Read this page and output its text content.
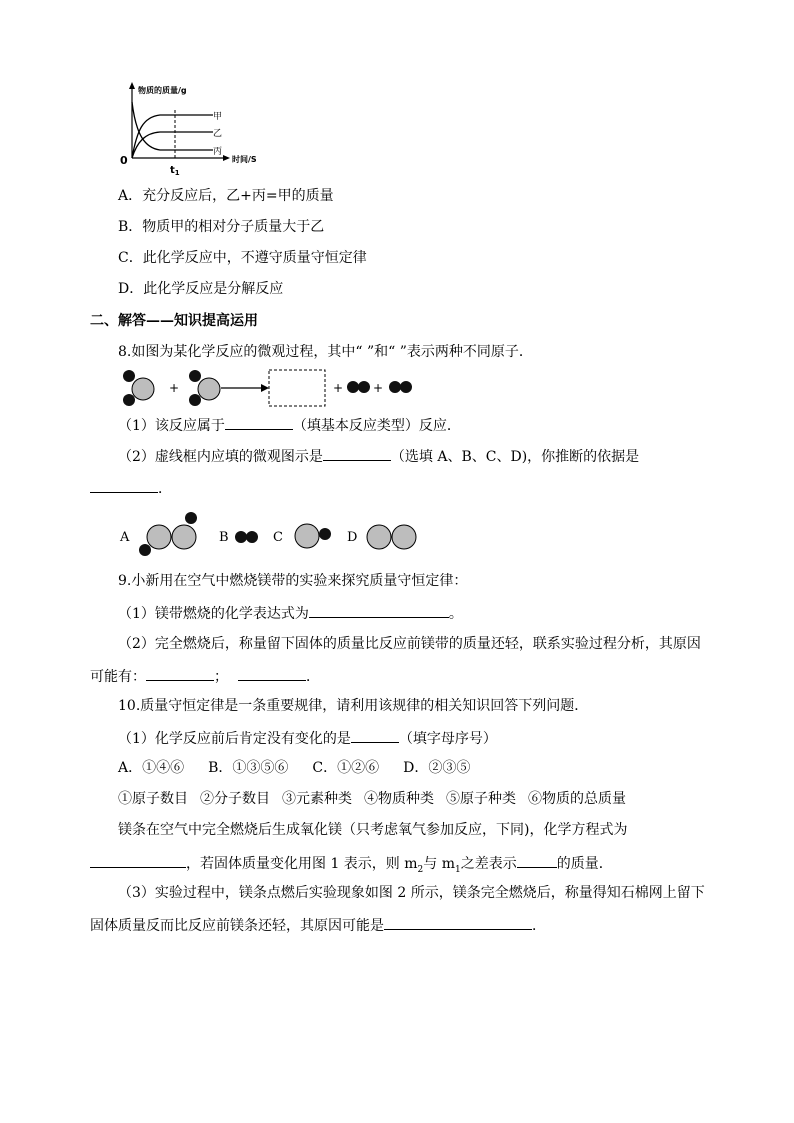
物质的质量/g
甲
乙
丙
时间/S
0
$t_1$
A．充分反应后，乙+丙=甲的质量
B．物质甲的相对分子质量大于乙
C．此化学反应中，不遵守质量守恒定律
D．此化学反应是分解反应
二、解答——知识提高运用
8.如图为某化学反应的微观过程，其中“ ”和“ ”表示两种不同原子．
+	+ +
（1）该反应属于	（填基本反应类型）反应．
（2）虚线框内应填的微观图示是	（选填 A、B、C、D)，你推断的依据是
．
A	B	C	D
9.小新用在空气中燃烧镁带的实验来探究质量守恒定律：
（1）镁带燃烧的化学表达式为	。
（2）完全燃烧后，称量留下固体的质量比反应前镁带的质量还轻，联系实验过程分析，其原因
可能有：	；	．
10.质量守恒定律是一条重要规律，请利用该规律的相关知识回答下列问题．
（1）化学反应前后肯定没有变化的是	（填字母序号）
A．①④⑥ B．①③⑤⑥ C．①②⑥ D．②③⑤
①原子数目 ②分子数目 ③元素种类 ④物质种类 ⑤原子种类 ⑥物质的总质量
镁条在空气中完全燃烧后生成氧化镁（只考虑氧气参加反应，下同)，化学方程式为
，若固体质量变化用图 1 表示，则 $m_2$与 $m_1$之差表示	的质量．
（3）实验过程中，镁条点燃后实验现象如图 2 所示，镁条完全燃烧后，称量得知石棉网上留下
固体质量反而比反应前镁条还轻，其原因可能是	．
